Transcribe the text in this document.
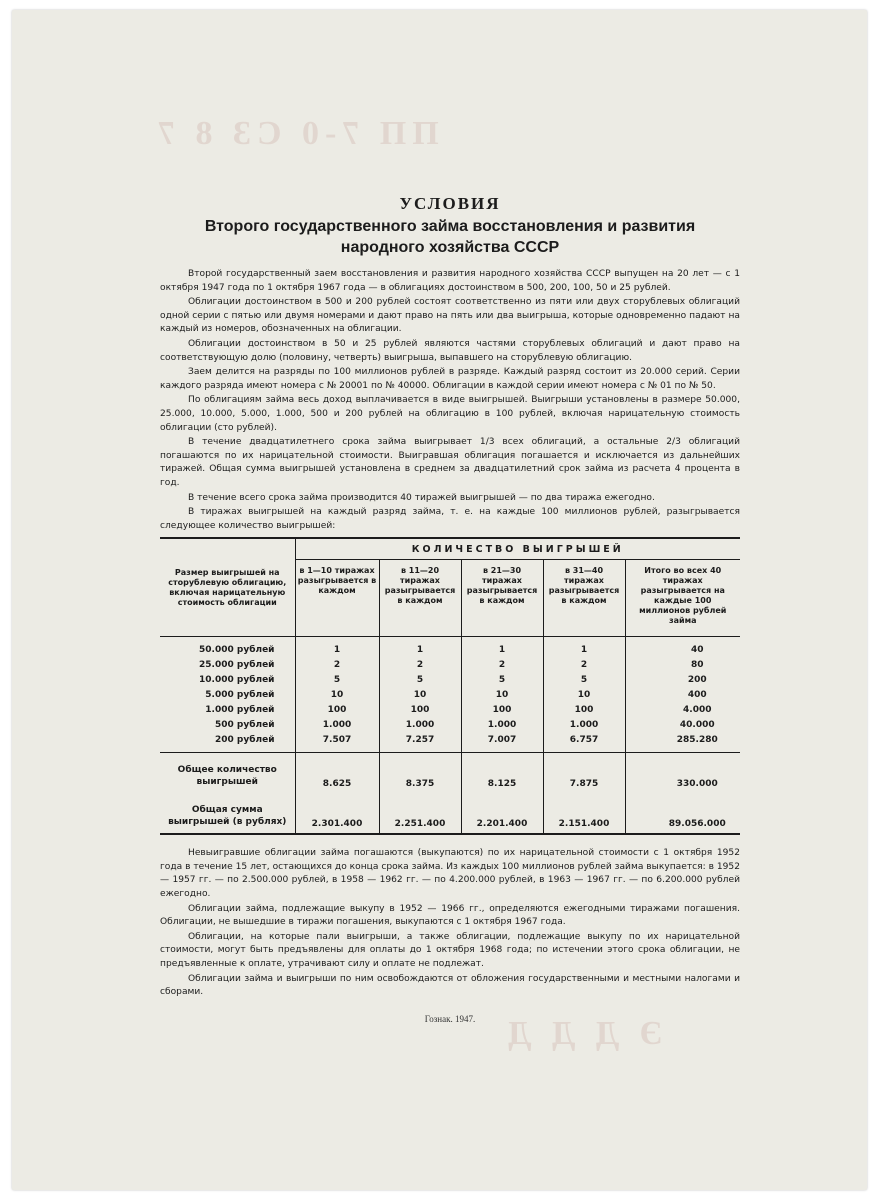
ПП 7-0 СЗ 8 7
Э Д Д Д
УСЛОВИЯ
Второго государственного займа восстановления и развития
народного хозяйства СССР

Второй государственный заем восстановления и развития народного хозяйства СССР выпущен на 20 лет — с 1 октября 1947 года по 1 октября 1967 года — в облигациях достоинством в 500, 200, 100, 50 и 25 рублей.

Облигации достоинством в 500 и 200 рублей состоят соответственно из пяти или двух сторублевых облигаций одной серии с пятью или двумя номерами и дают право на пять или два выигрыша, которые одновременно падают на каждый из номеров, обозначенных на облигации.

Облигации достоинством в 50 и 25 рублей являются частями сторублевых облигаций и дают право на соответствующую долю (половину, четверть) выигрыша, выпавшего на сторублевую облигацию.

Заем делится на разряды по 100 миллионов рублей в разряде. Каждый разряд состоит из 20.000 серий. Серии каждого разряда имеют номера с № 20001 по № 40000. Облигации в каждой серии имеют номера с № 01 по № 50.

По облигациям займа весь доход выплачивается в виде выигрышей. Выигрыши установлены в размере 50.000, 25.000, 10.000, 5.000, 1.000, 500 и 200 рублей на облигацию в 100 рублей, включая нарицательную стоимость облигации (сто рублей).

В течение двадцатилетнего срока займа выигрывает 1/3 всех облигаций, а остальные 2/3 облигаций погашаются по их нарицательной стоимости. Выигравшая облигация погашается и исключается из дальнейших тиражей. Общая сумма выигрышей установлена в среднем за двадцатилетний срок займа из расчета 4 процента в год.

В течение всего срока займа производится 40 тиражей выигрышей — по два тиража ежегодно.

В тиражах выигрышей на каждый разряд займа, т. е. на каждые 100 миллионов рублей, разыгрывается следующее количество выигрышей:

Размер выигрышей на сторублевую облигацию, включая нарицательную стоимость облигации	КОЛИЧЕСТВО ВЫИГРЫШЕЙ				
	в 1—10 тиражах разыгрывается в каждом	в 11—20 тиражах разыгрывается в каждом	в 21—30 тиражах разыгрывается в каждом	в 31—40 тиражах разыгрывается в каждом	Итого во всех 40 тиражах разыгрывается на каждые 100 миллионов рублей займа
50.000 рублей	1	1	1	1	40
25.000 рублей	2	2	2	2	80
10.000 рублей	5	5	5	5	200
5.000 рублей	10	10	10	10	400
1.000 рублей	100	100	100	100	4.000
500 рублей	1.000	1.000	1.000	1.000	40.000
200 рублей	7.507	7.257	7.007	6.757	285.280
Общее количество выигрышей	8.625	8.375	8.125	7.875	330.000
Общая сумма выигрышей (в рублях)	2.301.400	2.251.400	2.201.400	2.151.400	89.056.000

Невыигравшие облигации займа погашаются (выкупаются) по их нарицательной стоимости с 1 октября 1952 года в течение 15 лет, остающихся до конца срока займа. Из каждых 100 миллионов рублей займа выкупается: в 1952 — 1957 гг. — по 2.500.000 рублей, в 1958 — 1962 гг. — по 4.200.000 рублей, в 1963 — 1967 гг. — по 6.200.000 рублей ежегодно.

Облигации займа, подлежащие выкупу в 1952 — 1966 гг., определяются ежегодными тиражами погашения. Облигации, не вышедшие в тиражи погашения, выкупаются с 1 октября 1967 года.

Облигации, на которые пали выигрыши, а также облигации, подлежащие выкупу по их нарицательной стоимости, могут быть предъявлены для оплаты до 1 октября 1968 года; по истечении этого срока облигации, не предъявленные к оплате, утрачивают силу и оплате не подлежат.

Облигации займа и выигрыши по ним освобождаются от обложения государственными и местными налогами и сборами.

Гознак. 1947.
